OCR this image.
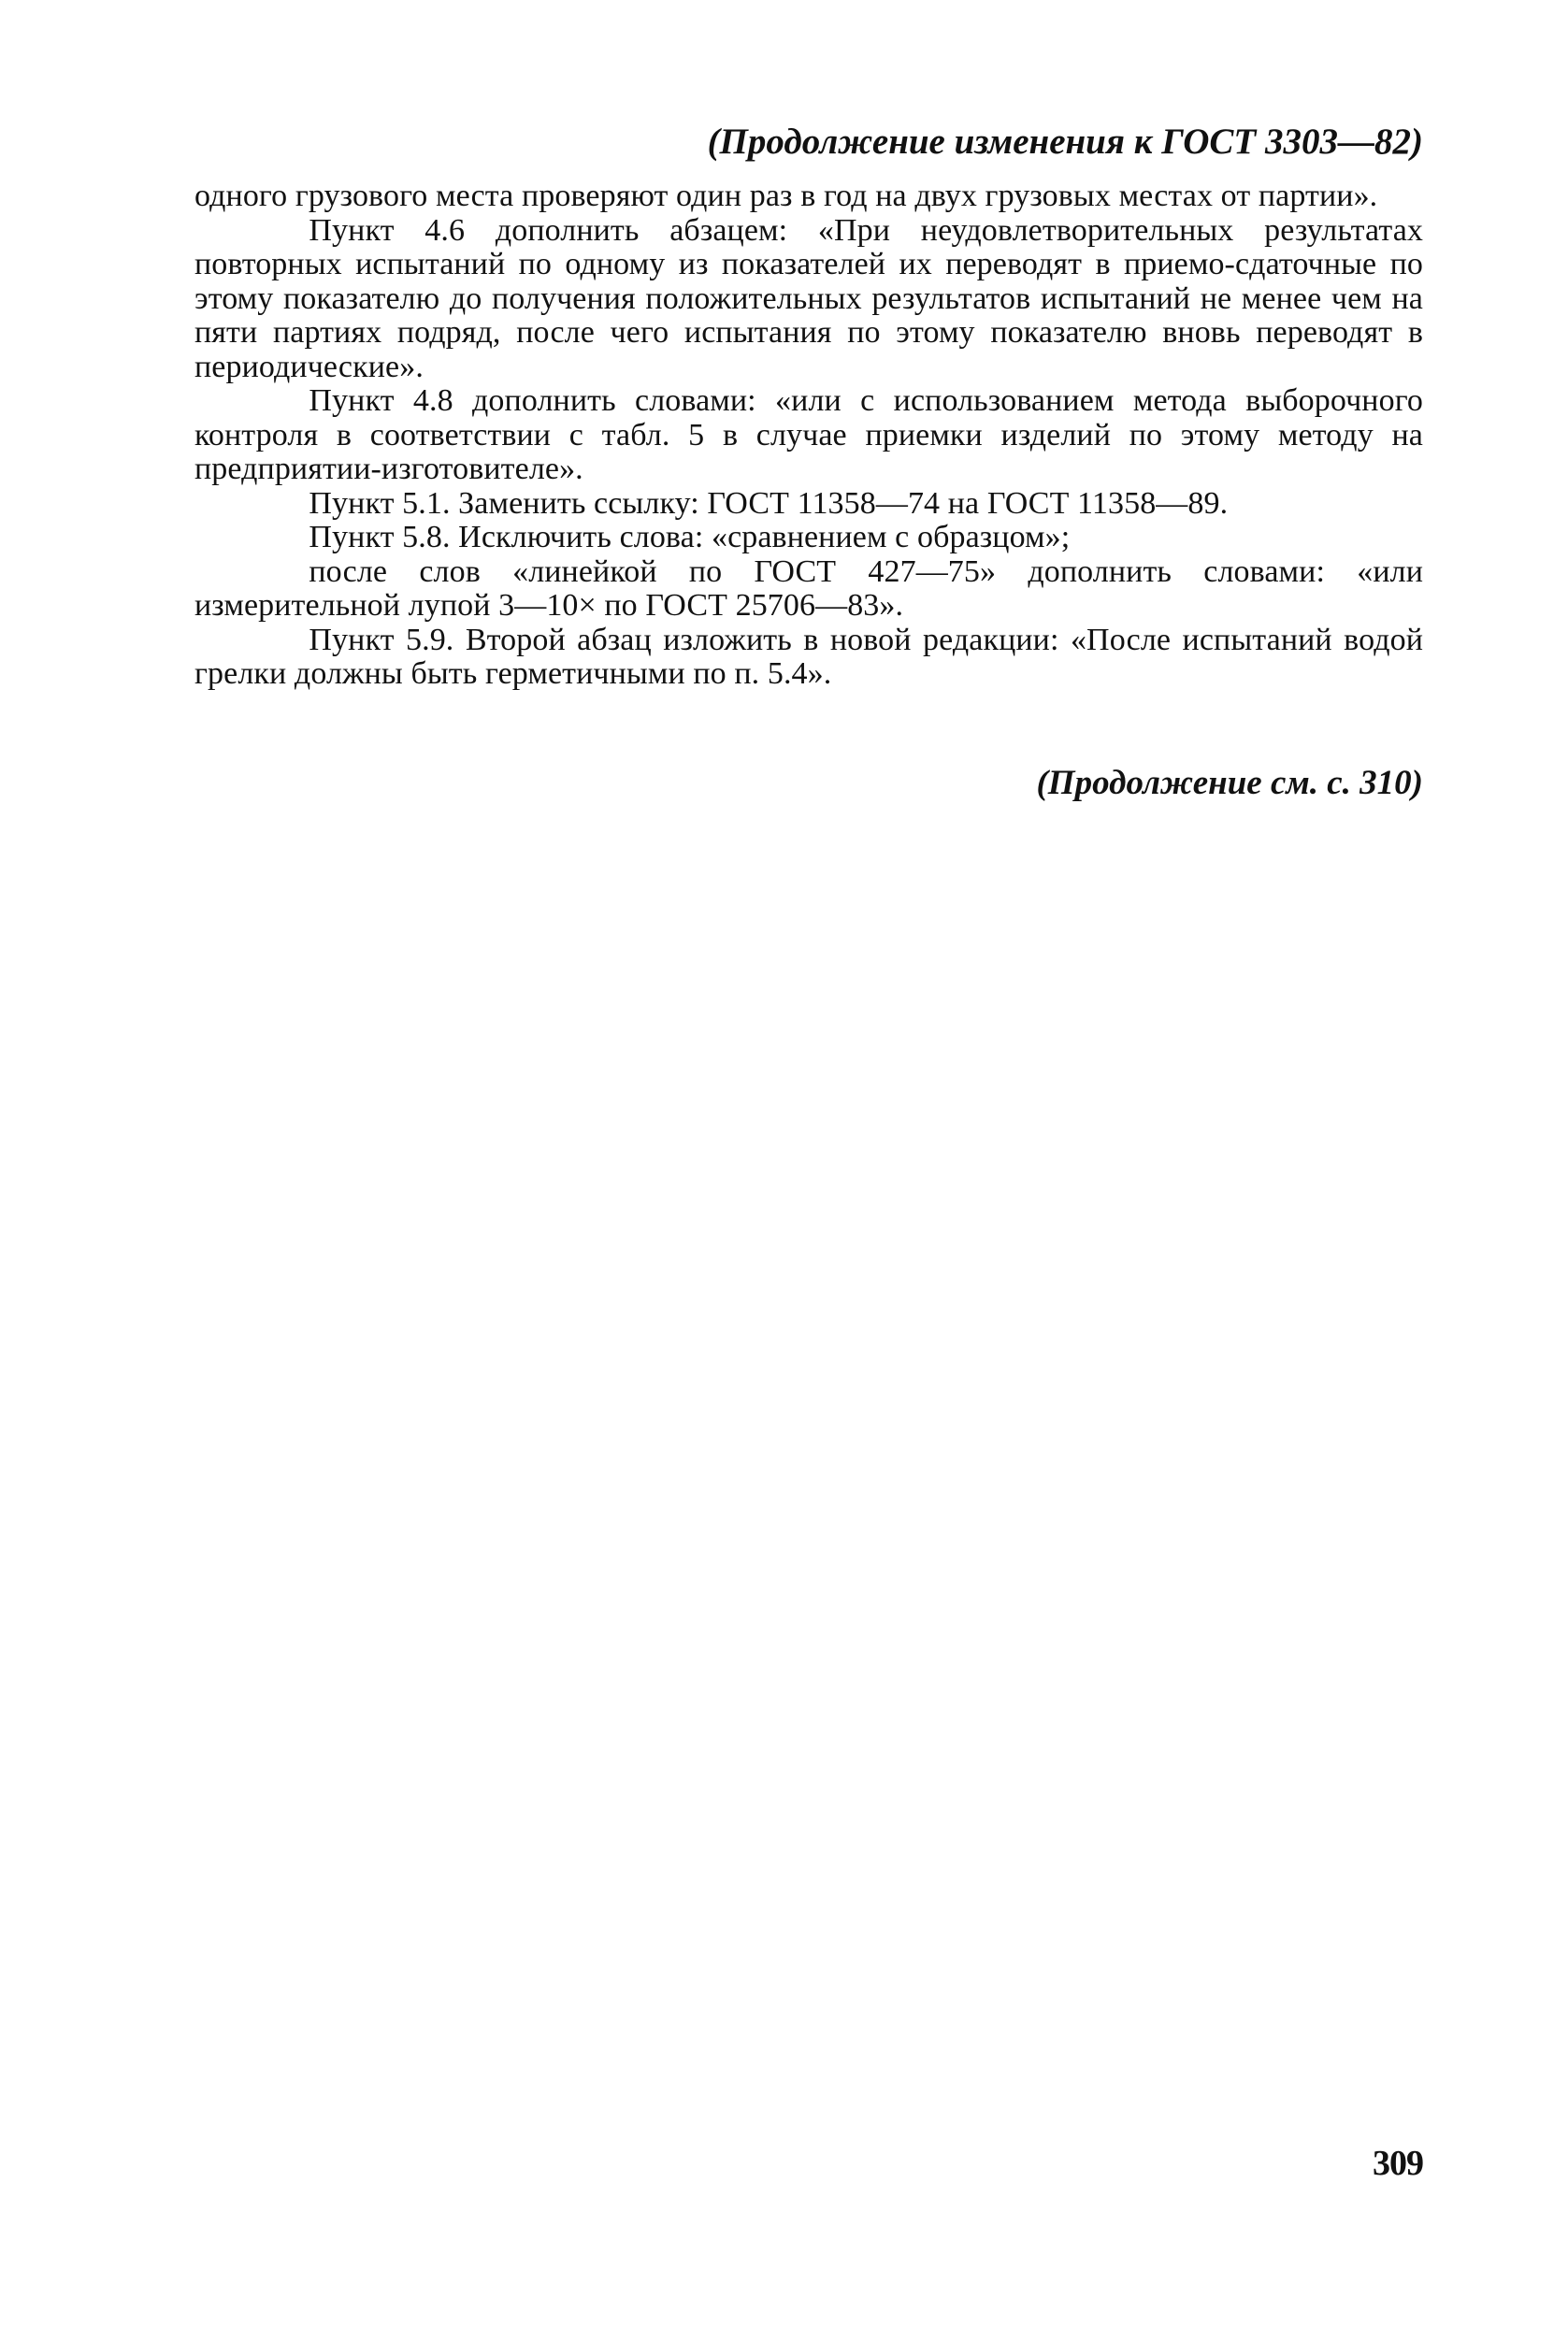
(Продолжение изменения к ГОСТ 3303—82)

одного грузового места проверяют один раз в год на двух грузовых местах от партии».

Пункт 4.6 дополнить абзацем: «При неудовлетворительных результатах повторных испытаний по одному из показателей их переводят в приемо-сдаточные по этому показателю до получения положительных результатов испытаний не менее чем на пяти партиях подряд, после чего испытания по этому показателю вновь переводят в периодические».

Пункт 4.8 дополнить словами: «или с использованием метода выборочного контроля в соответствии с табл. 5 в случае приемки изделий по этому методу на предприятии-изготовителе».

Пункт 5.1. Заменить ссылку: ГОСТ 11358—74 на ГОСТ 11358—89.

Пункт 5.8. Исключить слова: «сравнением с образцом»;

после слов «линейкой по ГОСТ 427—75» дополнить словами: «или измерительной лупой 3—10× по ГОСТ 25706—83».

Пункт 5.9. Второй абзац изложить в новой редакции: «После испытаний водой грелки должны быть герметичными по п. 5.4».

(Продолжение см. с. 310)

309
